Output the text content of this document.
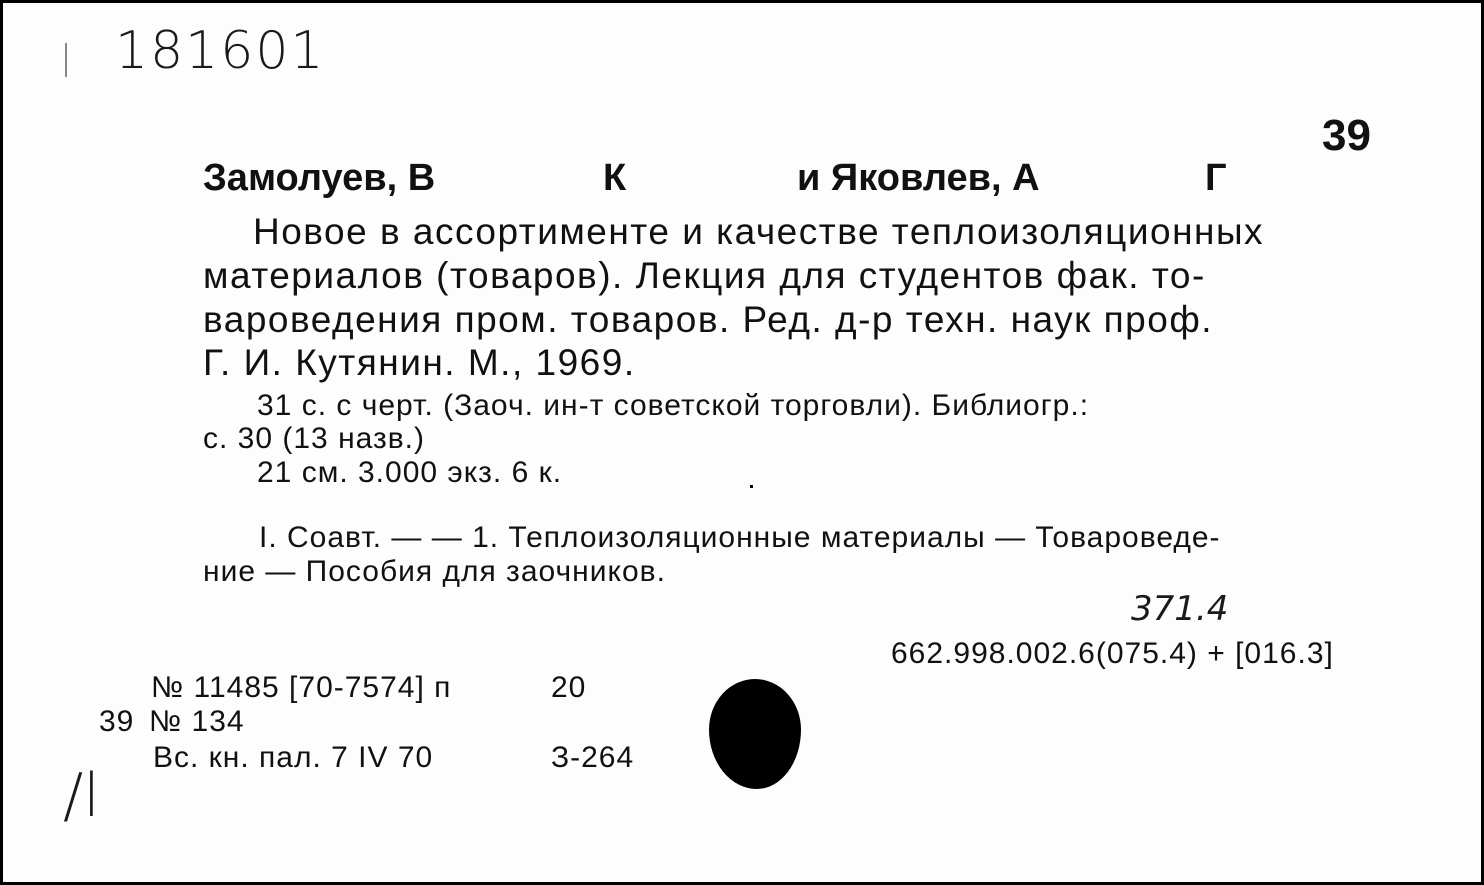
181601
39
Замолуев, В	К	и Яковлев, А	Г
Новое в ассортименте и качестве теплоизоляционных
материалов (товаров). Лекция для студентов фак. то-
вароведения пром. товаров. Ред. д-р техн. наук проф.
Г. И. Кутянин. М., 1969.
31 с. с черт. (Заоч. ин-т советской торговли). Библиогр.:
с. 30 (13 назв.)
21 см. 3.000 экз. 6 к.
I. Соавт. — — 1. Теплоизоляционные материалы — Товароведе-
ние — Пособия для заочников.
371.4
662.998.002.6(075.4) + [016.3]
№ 11485 [70-7574] п	20
39 № 134
Вс. кн. пал. 7 IV 70	З-264
/l
